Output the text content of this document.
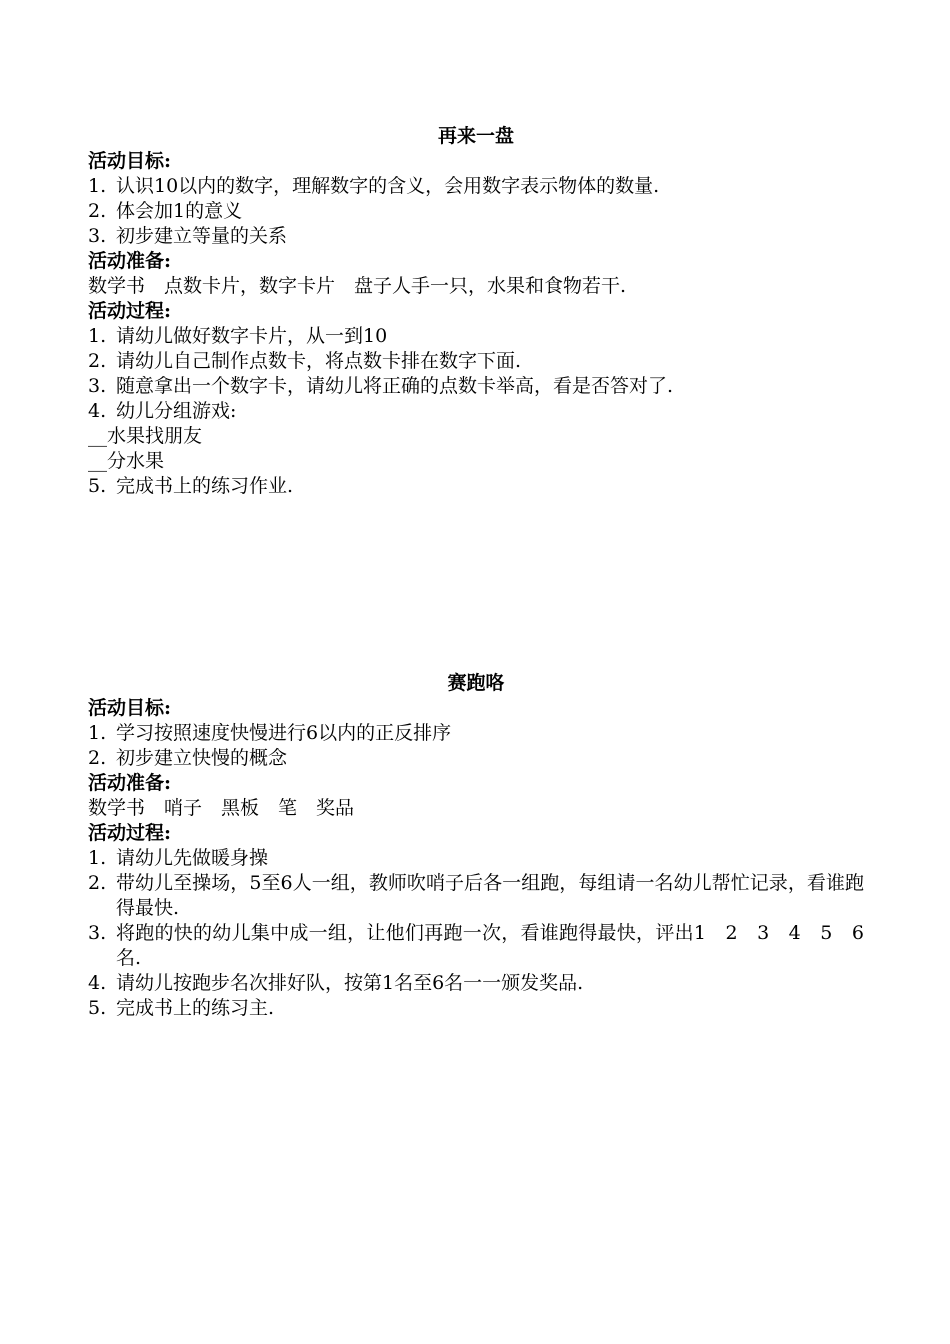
再来一盘
活动目标:
1. 认识10以内的数字，理解数字的含义，会用数字表示物体的数量.
2. 体会加1的意义
3. 初步建立等量的关系
活动准备:
数学书　点数卡片，数字卡片　盘子人手一只，水果和食物若干.
活动过程:
1. 请幼儿做好数字卡片，从一到10
2. 请幼儿自己制作点数卡，将点数卡排在数字下面.
3. 随意拿出一个数字卡，请幼儿将正确的点数卡举高，看是否答对了.
4. 幼儿分组游戏:
__水果找朋友
__分水果
5. 完成书上的练习作业.
赛跑咯
活动目标:
1. 学习按照速度快慢进行6以内的正反排序
2. 初步建立快慢的概念
活动准备:
数学书　哨子　黑板　笔　奖品
活动过程:
1. 请幼儿先做暖身操
2. 带幼儿至操场，5至6人一组，教师吹哨子后各一组跑，每组请一名幼儿帮忙记录，看谁跑得最快.
3. 将跑的快的幼儿集中成一组，让他们再跑一次，看谁跑得最快，评出1　2　3　4　5　6名.
4. 请幼儿按跑步名次排好队，按第1名至6名一一颁发奖品.
5. 完成书上的练习主.
